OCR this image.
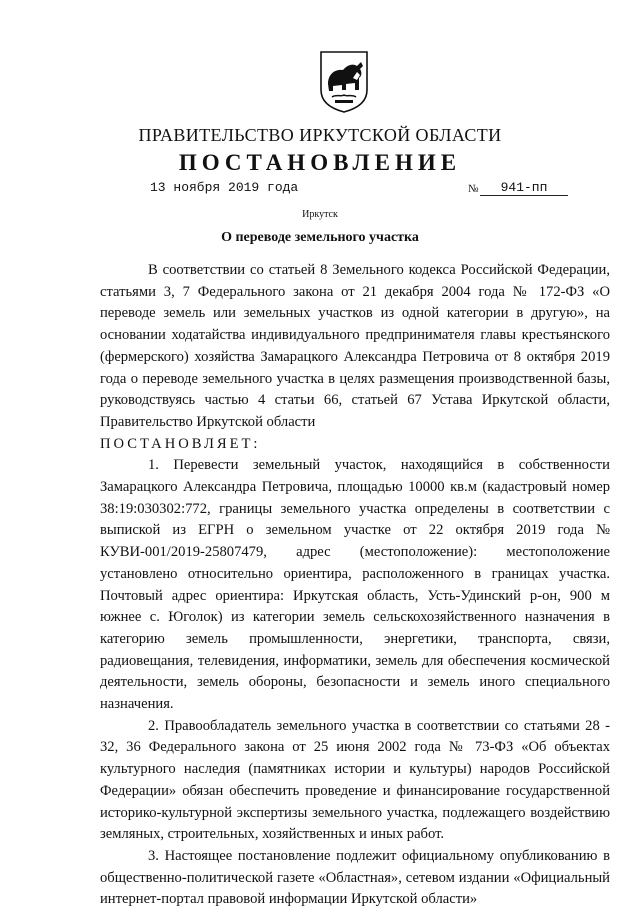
ПРАВИТЕЛЬСТВО ИРКУТСКОЙ ОБЛАСТИ
ПОСТАНОВЛЕНИЕ
13 ноября 2019 года	№	941-пп
Иркутск
О переводе земельного участка

В соответствии со статьей 8 Земельного кодекса Российской Федерации, статьями 3, 7 Федерального закона от 21 декабря 2004 года № 172-ФЗ «О переводе земель или земельных участков из одной категории в другую», на основании ходатайства индивидуального предпринимателя главы крестьянского (фермерского) хозяйства Замарацкого Александра Петровича от 8 октября 2019 года о переводе земельного участка в целях размещения производственной базы, руководствуясь частью 4 статьи 66, статьей 67 Устава Иркутской области, Правительство Иркутской области

ПОСТАНОВЛЯЕТ:

1. Перевести земельный участок, находящийся в собственности Замарацкого Александра Петровича, площадью 10000 кв.м (кадастровый номер 38:19:030302:772, границы земельного участка определены в соответствии с выпиской из ЕГРН о земельном участке от 22 октября 2019 года № КУВИ-001/2019-25807479, адрес (местоположение): местоположение установлено относительно ориентира, расположенного в границах участка. Почтовый адрес ориентира: Иркутская область, Усть-Удинский р-он, 900 м южнее с. Юголок) из категории земель сельскохозяйственного назначения в категорию земель промышленности, энергетики, транспорта, связи, радиовещания, телевидения, информатики, земель для обеспечения космической деятельности, земель обороны, безопасности и земель иного специального назначения.

2. Правообладатель земельного участка в соответствии со статьями 28 - 32, 36 Федерального закона от 25 июня 2002 года № 73-ФЗ «Об объектах культурного наследия (памятниках истории и культуры) народов Российской Федерации» обязан обеспечить проведение и финансирование государственной историко-культурной экспертизы земельного участка, подлежащего воздействию земляных, строительных, хозяйственных и иных работ.

3. Настоящее постановление подлежит официальному опубликованию в общественно-политической газете «Областная», сетевом издании «Официальный интернет-портал правовой информации Иркутской области»
